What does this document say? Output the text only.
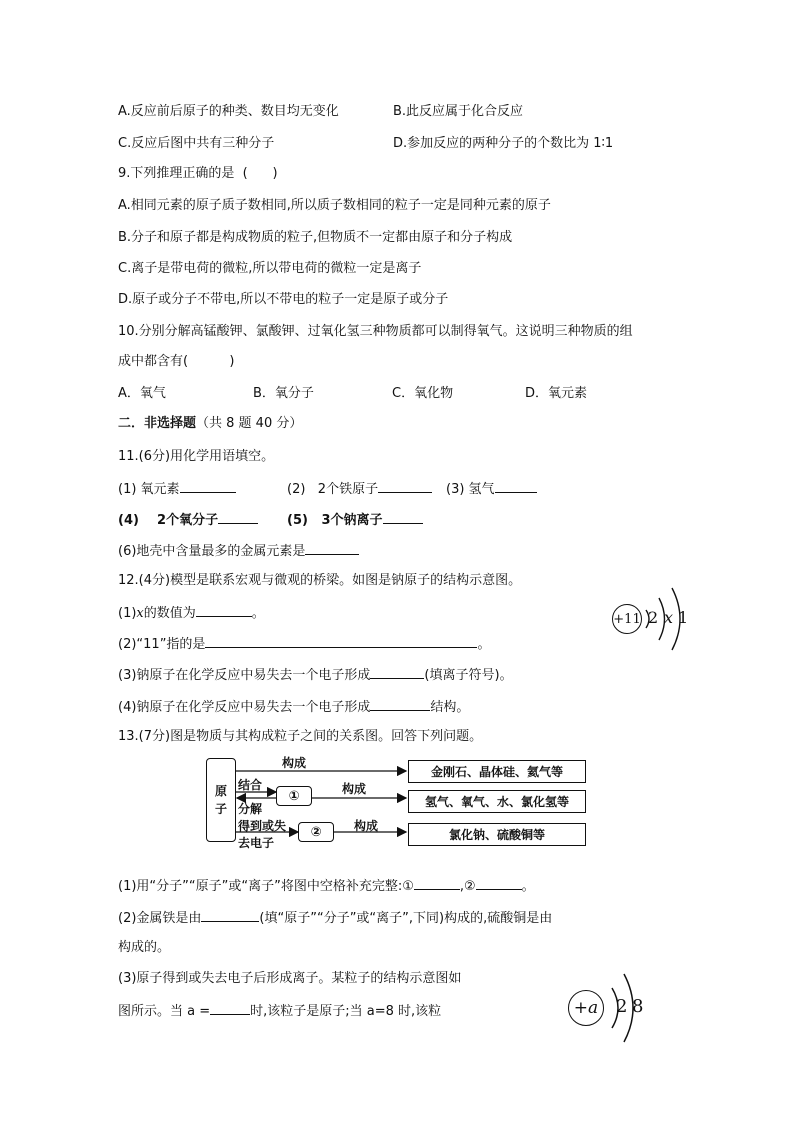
A.反应前后原子的种类、数目均无变化	B.此反应属于化合反应
C.反应后图中共有三种分子	D.参加反应的两种分子的个数比为 1∶1
9.下列推理正确的是  (      )
A.相同元素的原子质子数相同,所以质子数相同的粒子一定是同种元素的原子
B.分子和原子都是构成物质的粒子,但物质不一定都由原子和分子构成
C.离子是带电荷的微粒,所以带电荷的微粒一定是离子
D.原子或分子不带电,所以不带电的粒子一定是原子或分子
10.分别分解高锰酸钾、氯酸钾、过氧化氢三种物质都可以制得氧气。这说明三种物质的组
成中都含有(          )
A．氧气	B．氧分子	C．氧化物	D．氧元素
二．非选择题（共 8 题 40 分）
11.(6分)用化学用语填空。
(1) 氧元素	(2)   2个铁原子	(3) 氢气
(4)    2个氧分子	(5)   3个钠离子
(6)地壳中含量最多的金属元素是
12.(4分)模型是联系宏观与微观的桥梁。如图是钠原子的结构示意图。
(1)x的数值为	。
(2)“11”指的是	。
(3)钠原子在化学反应中易失去一个电子形成	(填离子符号)。
(4)钠原子在化学反应中易失去一个电子形成	结构。
+11 2 x 1
13.(7分)图是物质与其构成粒子之间的关系图。回答下列问题。
原
子
构成
结合
分解
构成
得到或失
去电子
构成
①
②
金刚石、晶体硅、氦气等
氢气、氧气、水、氯化氢等
氯化钠、硫酸铜等
(1)用“分子”“原子”或“离子”将图中空格补充完整:①	,②	。
(2)金属铁是由	(填“原子”“分子”或“离子”,下同)构成的,硫酸铜是由
构成的。
(3)原子得到或失去电子后形成离子。某粒子的结构示意图如
图所示。当 a =	时,该粒子是原子;当 a=8 时,该粒	+a 2 8
